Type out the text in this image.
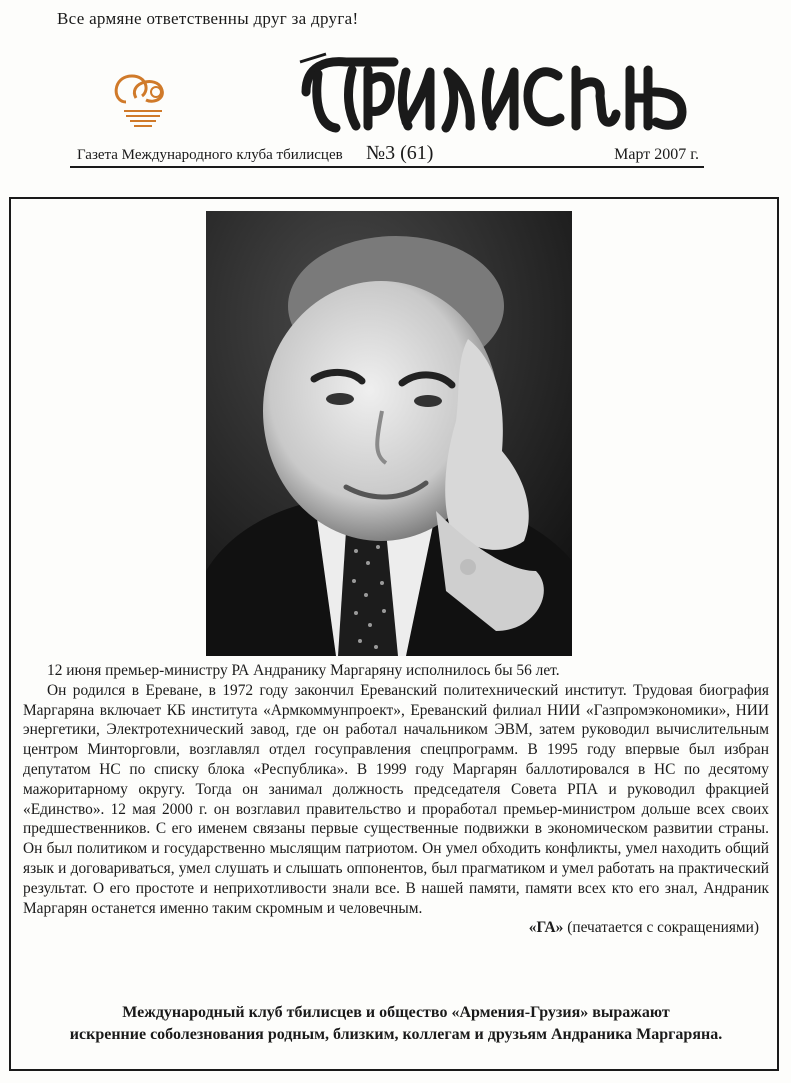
Все армяне ответственны друг за друга!
Газета Международного клуба тбилисцев №3 (61)	Март 2007 г.

12 июня премьер-министру РА Андранику Маргаряну исполнилось бы 56 лет.

Он родился в Ереване, в 1972 году закончил Ереванский политехнический институт. Трудовая биография Маргаряна включает КБ института «Армкоммунпроект», Ереванский филиал НИИ «Газпромэкономики», НИИ энергетики, Электротехнический завод, где он работал начальником ЭВМ, затем руководил вычислительным центром Минторговли, возглавлял отдел госуправления спецпрограмм. В 1995 году впервые был избран депутатом НС по списку блока «Республика». В 1999 году Маргарян баллотировался в НС по десятому мажоритарному округу. Тогда он занимал должность председателя Совета РПА и руководил фракцией «Единство». 12 мая 2000 г. он возглавил правительство и проработал премьер-министром дольше всех своих предшественников. С его именем связаны первые существенные подвижки в экономическом развитии страны. Он был политиком и государственно мыслящим патриотом. Он умел обходить конфликты, умел находить общий язык и договариваться, умел слушать и слышать оппонентов, был прагматиком и умел работать на практический результат. О его простоте и неприхотливости знали все. В нашей памяти, памяти всех кто его знал, Андраник Маргарян останется именно таким скромным и человечным.

«ГА» (печатается с сокращениями)

Международный клуб тбилисцев и общество «Армения-Грузия» выражают

искренние соболезнования родным, близким, коллегам и друзьям Андраника Маргаряна.
